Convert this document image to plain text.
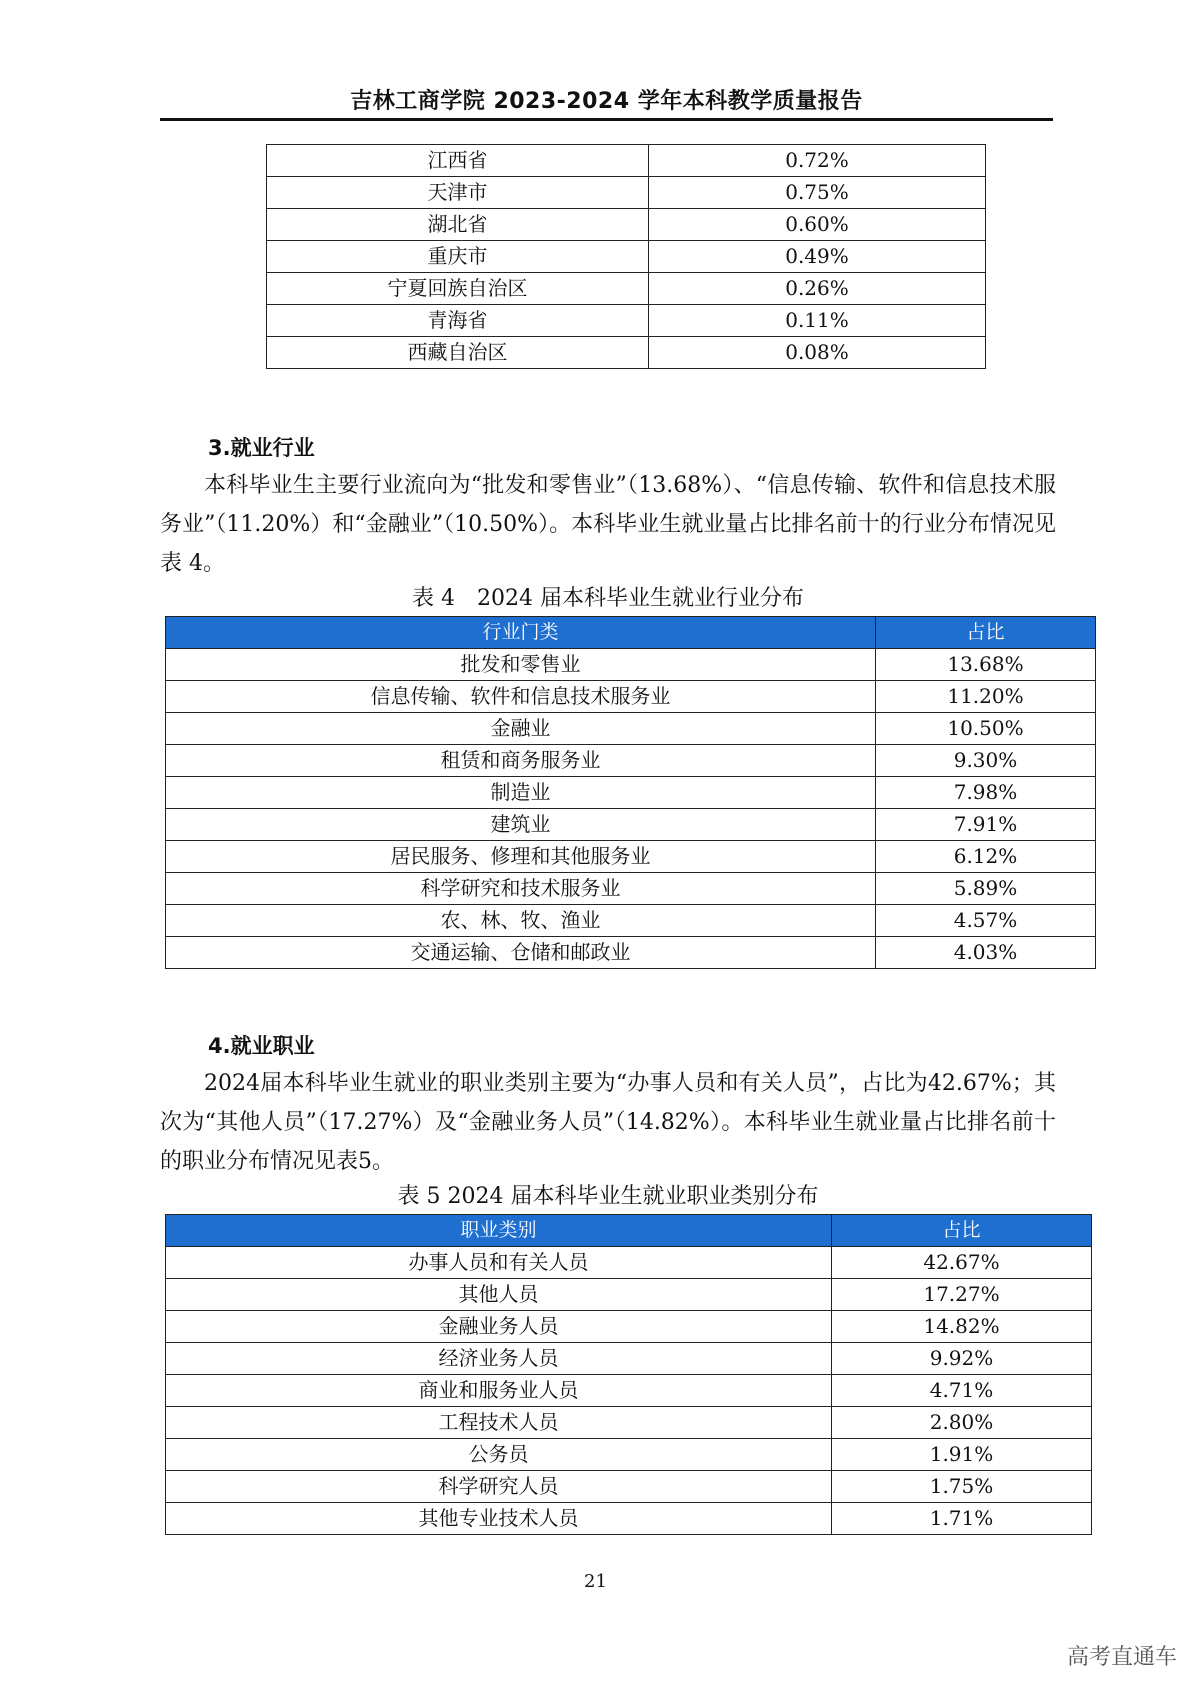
吉林工商学院 2023-2024 学年本科教学质量报告
江西省	0.72%
天津市	0.75%
湖北省	0.60%
重庆市	0.49%
宁夏回族自治区	0.26%
青海省	0.11%
西藏自治区	0.08%
3.就业行业

本科毕业生主要行业流向为“批发和零售业”（13.68%）、“信息传输、软件和信息技术服务业”（11.20%）和“金融业”（10.50%）。本科毕业生就业量占比排名前十的行业分布情况见表 4。

表 4　2024 届本科毕业生就业行业分布
行业门类	占比
批发和零售业	13.68%
信息传输、软件和信息技术服务业	11.20%
金融业	10.50%
租赁和商务服务业	9.30%
制造业	7.98%
建筑业	7.91%
居民服务、修理和其他服务业	6.12%
科学研究和技术服务业	5.89%
农、林、牧、渔业	4.57%
交通运输、仓储和邮政业	4.03%
4.就业职业

2024届本科毕业生就业的职业类别主要为“办事人员和有关人员”，占比为42.67%；其次为“其他人员”（17.27%）及“金融业务人员”（14.82%）。本科毕业生就业量占比排名前十的职业分布情况见表5。

表 5 2024 届本科毕业生就业职业类别分布
职业类别	占比
办事人员和有关人员	42.67%
其他人员	17.27%
金融业务人员	14.82%
经济业务人员	9.92%
商业和服务业人员	4.71%
工程技术人员	2.80%
公务员	1.91%
科学研究人员	1.75%
其他专业技术人员	1.71%
21
高考直通车
